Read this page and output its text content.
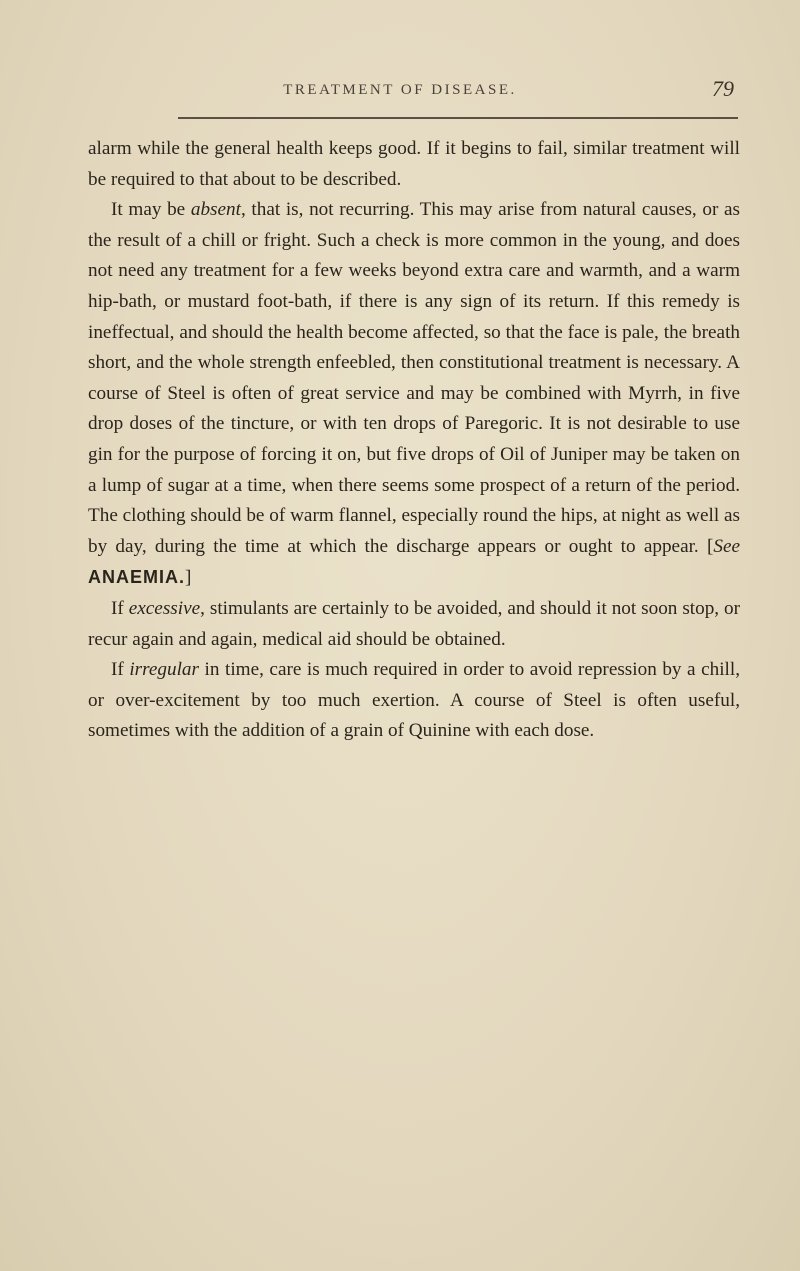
TREATMENT OF DISEASE.	79

alarm while the general health keeps good. If it begins to fail, similar treatment will be required to that about to be described.

It may be absent, that is, not recurring. This may arise from natural causes, or as the result of a chill or fright. Such a check is more common in the young, and does not need any treatment for a few weeks beyond extra care and warmth, and a warm hip-bath, or mustard foot-bath, if there is any sign of its return. If this remedy is ineffectual, and should the health become affected, so that the face is pale, the breath short, and the whole strength enfeebled, then constitutional treatment is necessary. A course of Steel is often of great service and may be combined with Myrrh, in five drop doses of the tincture, or with ten drops of Paregoric. It is not desirable to use gin for the purpose of forcing it on, but five drops of Oil of Juniper may be taken on a lump of sugar at a time, when there seems some prospect of a return of the period. The clothing should be of warm flannel, especially round the hips, at night as well as by day, during the time at which the discharge appears or ought to appear. [See ANAEMIA.]

If excessive, stimulants are certainly to be avoided, and should it not soon stop, or recur again and again, medical aid should be obtained.

If irregular in time, care is much required in order to avoid repression by a chill, or over-excitement by too much exertion. A course of Steel is often useful, sometimes with the addition of a grain of Quinine with each dose.
